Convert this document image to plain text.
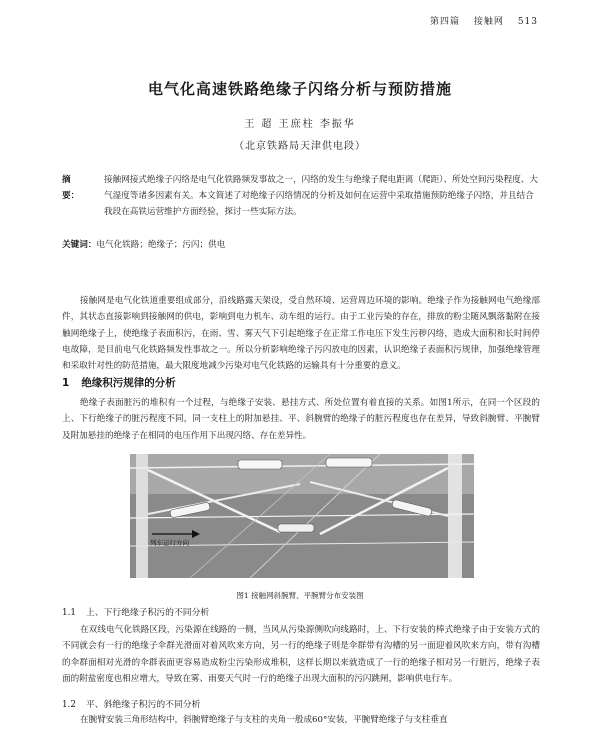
第四篇 接触网 513
电气化高速铁路绝缘子闪络分析与预防措施
王 超 王庶柱 李振华
（北京铁路局天津供电段）
摘 要：
接触网接式绝缘子闪络是电气化铁路频发事故之一，闪络的发生与绝缘子爬电距离（爬距）、所处空间污染程度、大气湿度等诸多因素有关。本文简述了对绝缘子闪络情况的分析及如何在运营中采取措施预防绝缘子闪络，并且结合我段在高铁运营维护方面经验，探讨一些实际方法。
关键词：电气化铁路；绝缘子；污闪；供电
接触网是电气化铁道重要组成部分，沿线路露天架设，受自然环境、运营周边环境的影响。绝缘子作为接触网电气绝缘部件，其状态直接影响到接触网的供电，影响到电力机车、动车组的运行。由于工业污染的存在，排放的粉尘随风飘落黏附在接触网绝缘子上，使绝缘子表面积污，在雨、雪、雾天气下引起绝缘子在正常工作电压下发生污秽闪络，造成大面积和长时间停电故障，是目前电气化铁路频发性事故之一。所以分析影响绝缘子污闪放电的因素，认识绝缘子表面积污规律，加强绝缘管理和采取针对性的防范措施，最大限度地减少污染对电气化铁路的运输具有十分重要的意义。
1 绝缘积污规律的分析
绝缘子表面脏污的堆积有一个过程，与绝缘子安装、悬挂方式、所处位置有着直接的关系。如图1所示，在同一个区段的上、下行绝缘子的脏污程度不同，同一支柱上的附加悬挂、平、斜腕臂的绝缘子的脏污程度也存在差异，导致斜腕臂、平腕臂及附加悬挂的绝缘子在相同的电压作用下出现闪络、存在差异性。
列车运行方向
图1 接触网斜腕臂、平腕臂分布安装图
1.1 上、下行绝缘子积污的不同分析
在双线电气化铁路区段，污染源在线路的一侧，当风从污染源侧吹向线路时，上、下行安装的棒式绝缘子由于安装方式的不同就会有一行的绝缘子伞群光滑面对着风吹来方向，另一行的绝缘子则是伞群带有沟槽的另一面迎着风吹来方向，带有沟槽的伞群面相对光滑的伞群表面更容易造成粉尘污染形成堆积，这样长期以来就造成了一行的绝缘子相对另一行脏污，绝缘子表面的附盐密度也相应增大，导致在雾、雨要天气时一行的绝缘子出现大面积的污闪跳闸，影响供电行车。
1.2 平、斜绝缘子积污的不同分析
在腕臂安装三角形结构中，斜腕臂绝缘子与支柱的夹角一般成60°安装，平腕臂绝缘子与支柱垂直
